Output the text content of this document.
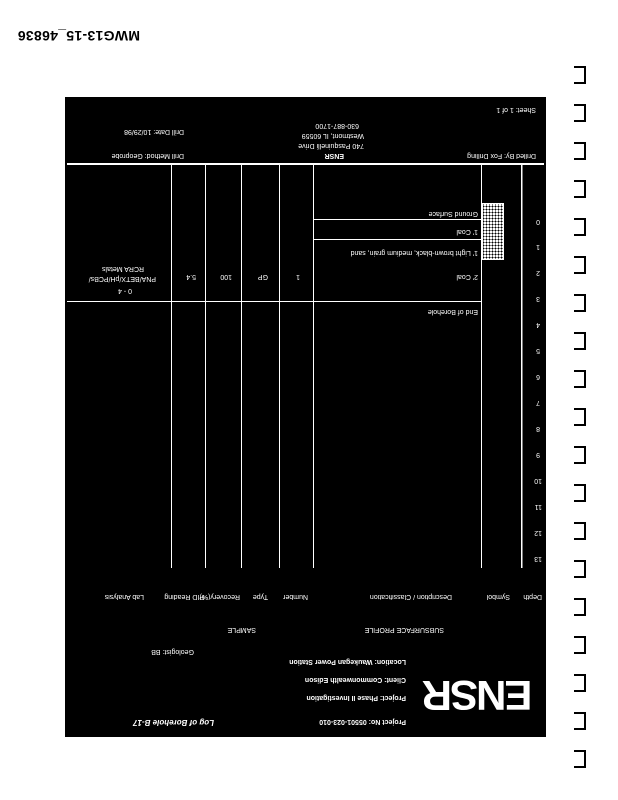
MWG13-15_46836
Drilled By: Fox Drilling
ENSR
740 Pasquinelli Drive
Westmont, IL 60559
630-887-1700
Drill Method: Geoprobe
Drill Date: 10/29/98
Sheet: 1 of 1
0
1
2
3
4
5
6
7
8
9
10
11
12
13
Ground Surface
1' Coal
1' Light brown-black, medium grain, sand
2' Coal
End of Borehole
1
GP
100
5.4
0 - 4
PNA/BETX/pH/PCBs/
RCRA Metals
Depth
Symbol
Description / Classification
Number
Type
Recovery(%)
PID Reading
Lab Analysis
SUBSURFACE PROFILE
SAMPLE
ENSR
Project No: 05501-023-010
Project: Phase II Investigation
Client: Commonwealth Edison
Location: Waukegan Power Station
Log of Borehole B-17
Geologist: BB
